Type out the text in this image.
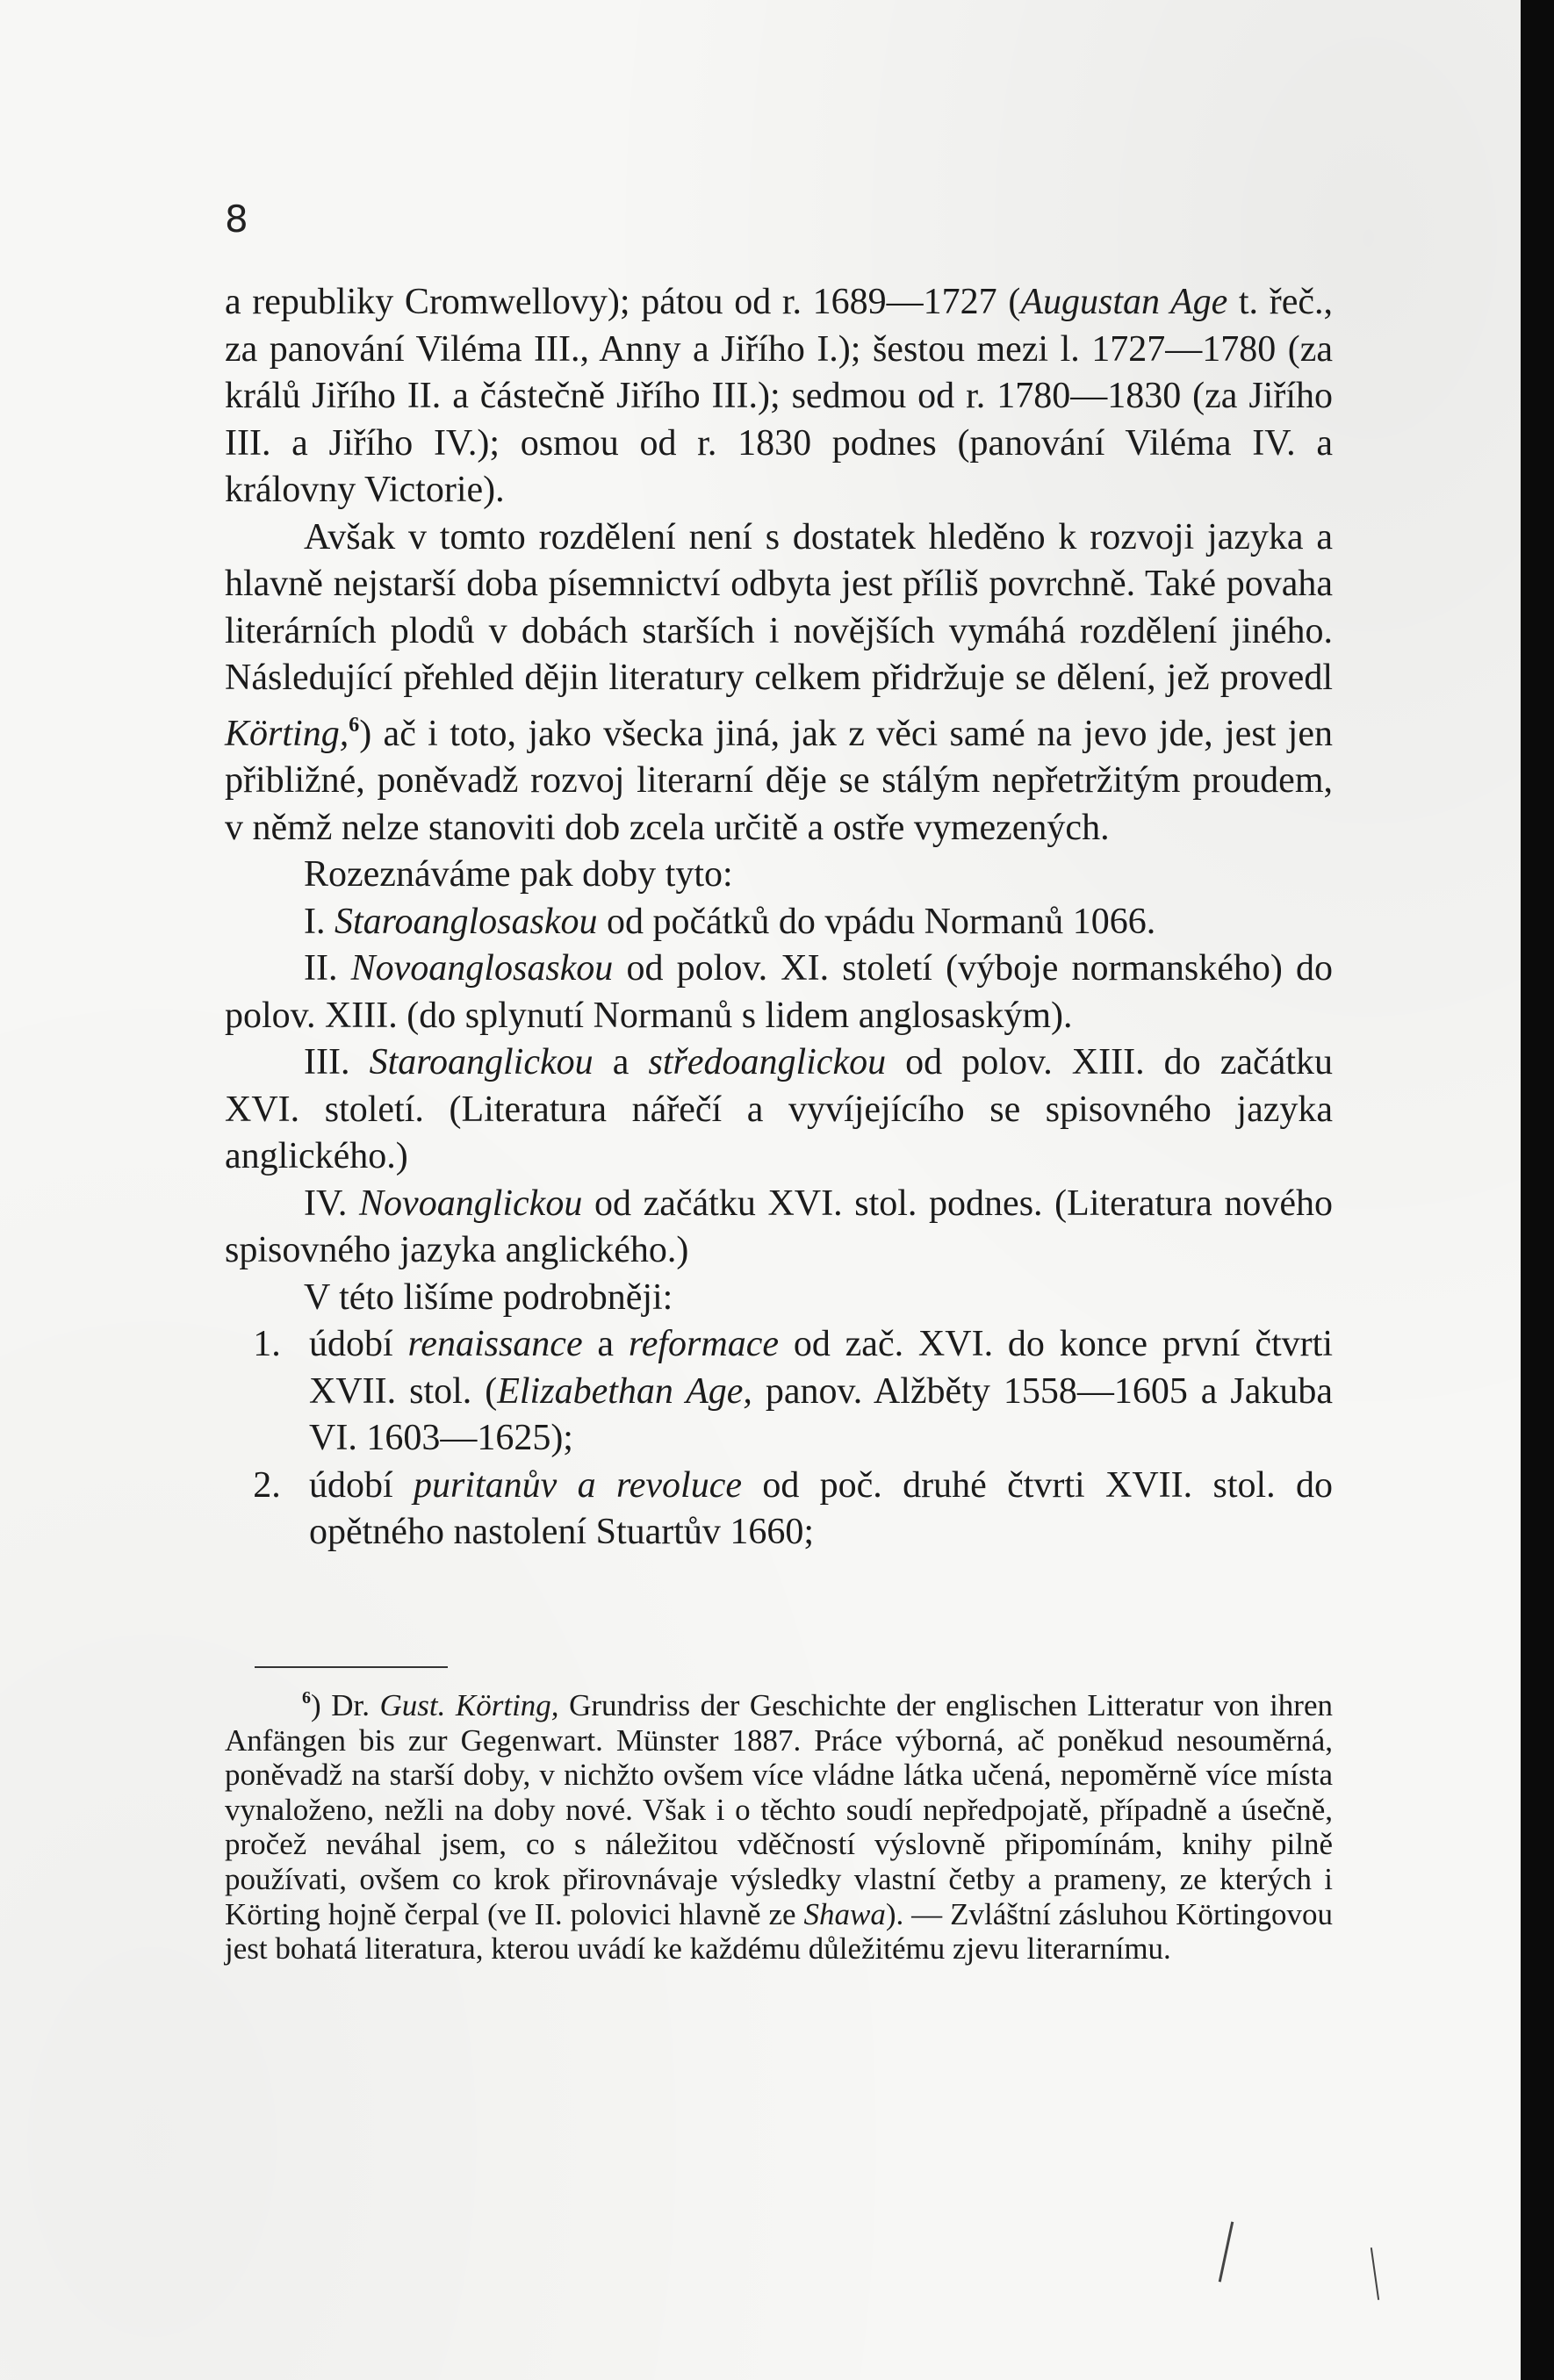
8

a republiky Cromwellovy); pátou od r. 1689—1727 (Augustan Age t. řeč., za panování Viléma III., Anny a Jiřího I.); šestou mezi l. 1727—1780 (za králů Jiřího II. a částečně Jiřího III.); sedmou od r. 1780—1830 (za Jiřího III. a Jiřího IV.); osmou od r. 1830 podnes (panování Viléma IV. a královny Victorie).

Avšak v tomto rozdělení není s dostatek hleděno k rozvoji jazyka a hlavně nejstarší doba písemnictví odbyta jest příliš povrchně. Také povaha literárních plodů v dobách starších i novějších vymáhá rozdělení jiného. Následující přehled dějin literatury celkem přidržuje se dělení, jež provedl Körting,$^6$) ač i toto, jako všecka jiná, jak z věci samé na jevo jde, jest jen přibližné, poněvadž rozvoj literarní děje se stálým nepřetržitým proudem, v němž nelze stanoviti dob zcela určitě a ostře vymezených.

Rozeznáváme pak doby tyto:

I. Staroanglosaskou od počátků do vpádu Normanů 1066.

II. Novoanglosaskou od polov. XI. století (výboje normanského) do polov. XIII. (do splynutí Normanů s lidem anglosaským).

III. Staroanglickou a středoanglickou od polov. XIII. do začátku XVI. století. (Literatura nářečí a vyvíjejícího se spisovného jazyka anglického.)

IV. Novoanglickou od začátku XVI. stol. podnes. (Literatura nového spisovného jazyka anglického.)

V této lišíme podrobněji:

1. údobí renaissance a reformace od zač. XVI. do konce první čtvrti XVII. stol. (Elizabethan Age, panov. Alžběty 1558—1605 a Jakuba VI. 1603—1625);

2. údobí puritanův a revoluce od poč. druhé čtvrti XVII. stol. do opětného nastolení Stuartův 1660;

$^6$) Dr. Gust. Körting, Grundriss der Geschichte der englischen Litteratur von ihren Anfängen bis zur Gegenwart. Münster 1887. Práce výborná, ač poněkud nesouměrná, poněvadž na starší doby, v nichžto ovšem více vládne látka učená, nepoměrně více místa vynaloženo, nežli na doby nové. Však i o těchto soudí nepředpojatě, případně a úsečně, pročež neváhal jsem, co s náležitou vděčností výslovně připomínám, knihy pilně používati, ovšem co krok přirovnávaje výsledky vlastní četby a prameny, ze kterých i Körting hojně čerpal (ve II. polovici hlavně ze Shawa). — Zvláštní zásluhou Körtingovou jest bohatá literatura, kterou uvádí ke každému důležitému zjevu literarnímu.
